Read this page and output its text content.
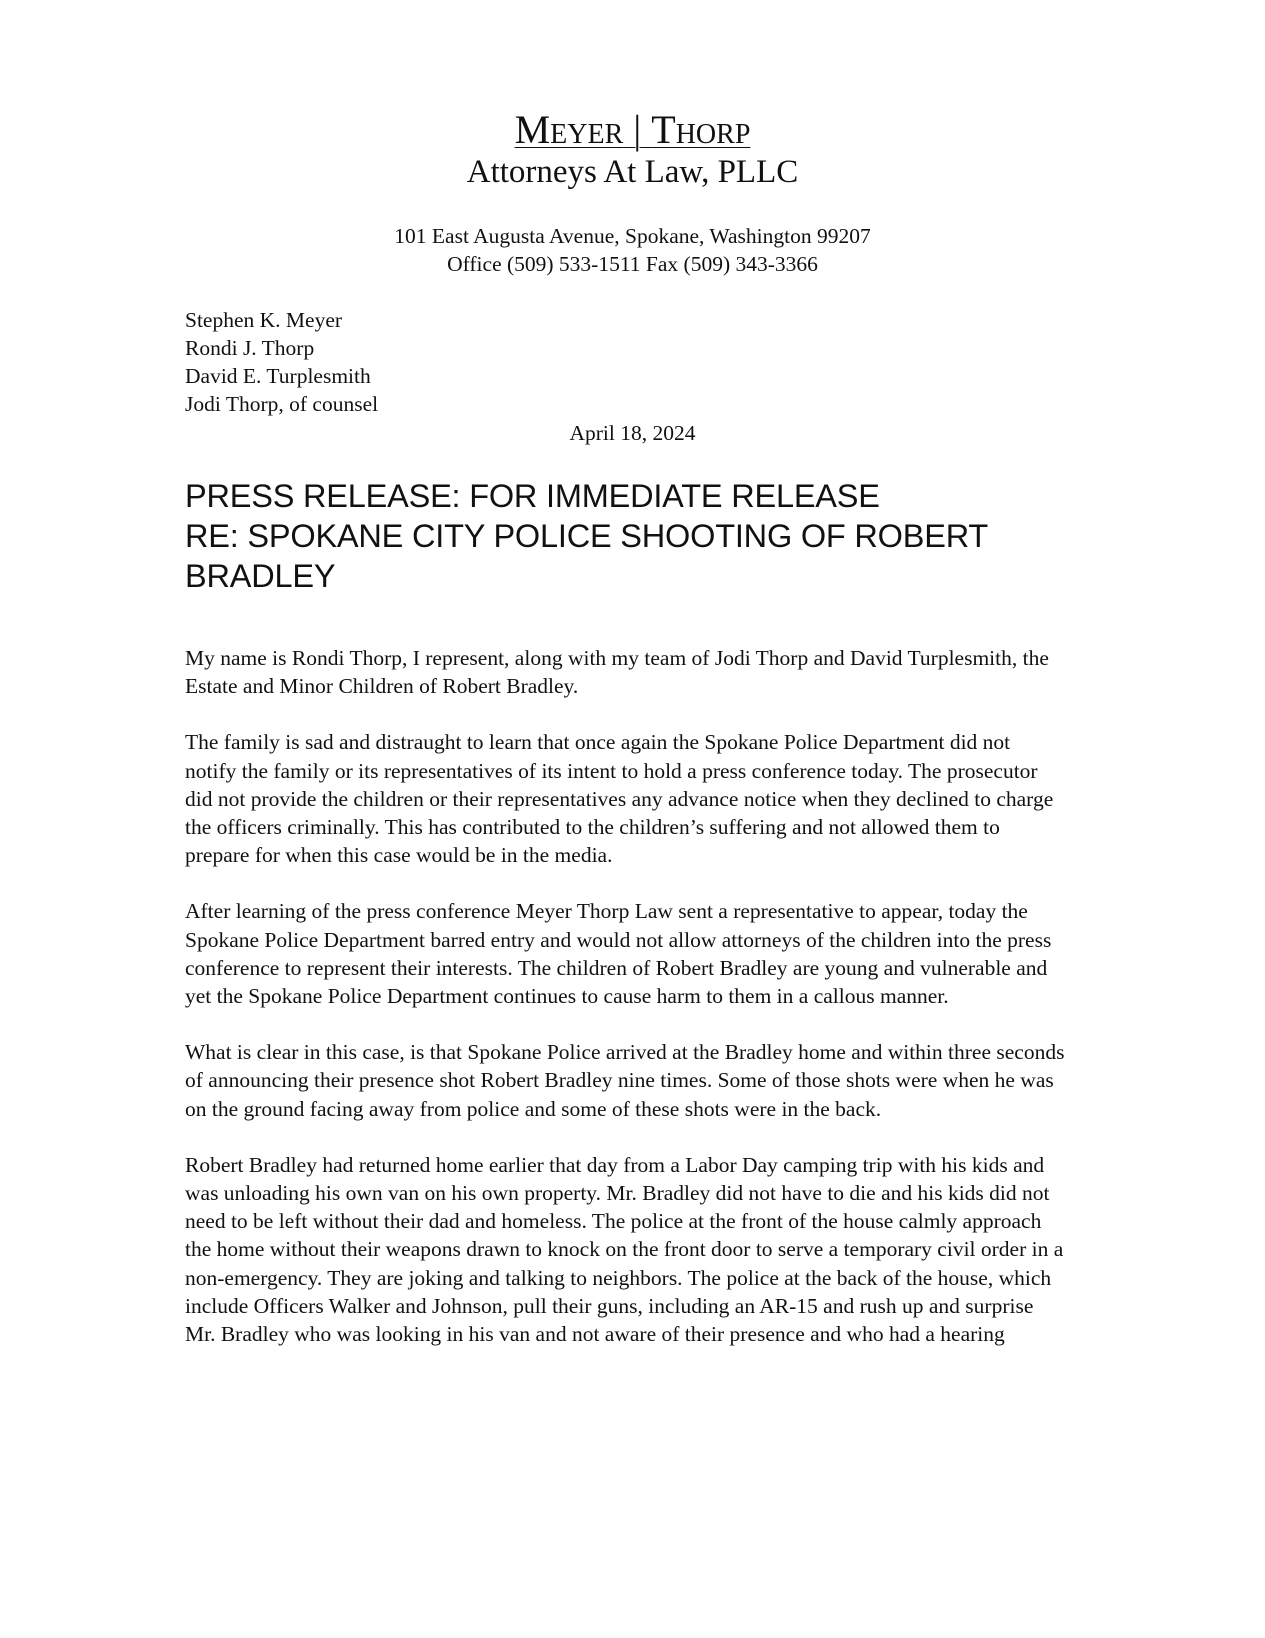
Meyer | Thorp
Attorneys At Law, PLLC
101 East Augusta Avenue, Spokane, Washington 99207
Office (509) 533-1511 Fax (509) 343-3366
Stephen K. Meyer
Rondi J. Thorp
David E. Turplesmith
Jodi Thorp, of counsel
April 18, 2024
PRESS RELEASE: FOR IMMEDIATE RELEASE
RE: SPOKANE CITY POLICE SHOOTING OF ROBERT BRADLEY

My name is Rondi Thorp, I represent, along with my team of Jodi Thorp and David Turplesmith, the Estate and Minor Children of Robert Bradley.

The family is sad and distraught to learn that once again the Spokane Police Department did not notify the family or its representatives of its intent to hold a press conference today. The prosecutor did not provide the children or their representatives any advance notice when they declined to charge the officers criminally. This has contributed to the children’s suffering and not allowed them to prepare for when this case would be in the media.

After learning of the press conference Meyer Thorp Law sent a representative to appear, today the Spokane Police Department barred entry and would not allow attorneys of the children into the press conference to represent their interests. The children of Robert Bradley are young and vulnerable and yet the Spokane Police Department continues to cause harm to them in a callous manner.

What is clear in this case, is that Spokane Police arrived at the Bradley home and within three seconds of announcing their presence shot Robert Bradley nine times. Some of those shots were when he was on the ground facing away from police and some of these shots were in the back.

Robert Bradley had returned home earlier that day from a Labor Day camping trip with his kids and was unloading his own van on his own property. Mr. Bradley did not have to die and his kids did not need to be left without their dad and homeless. The police at the front of the house calmly approach the home without their weapons drawn to knock on the front door to serve a temporary civil order in a non-emergency. They are joking and talking to neighbors. The police at the back of the house, which include Officers Walker and Johnson, pull their guns, including an AR-15 and rush up and surprise Mr. Bradley who was looking in his van and not aware of their presence and who had a hearing
